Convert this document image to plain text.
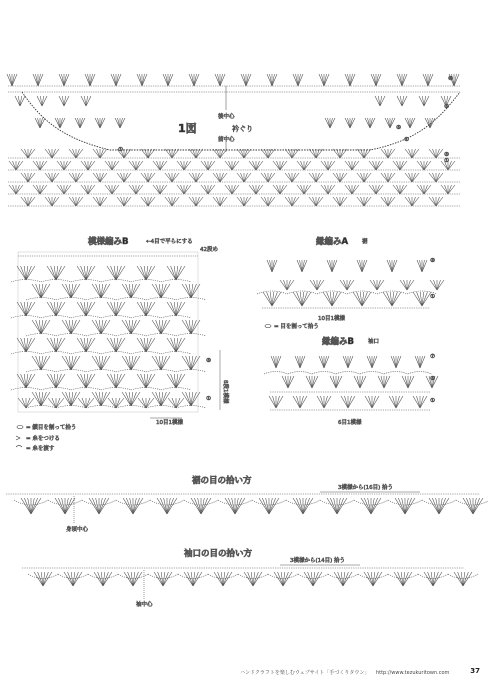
1図	衿ぐり
後中心
前中心
⑤
①
①
⑤
①
⑤
⑩
模様編みB	←4目で平らにする
42段め
8段1模様
⑤
①
10目1模様
= 鎖目を割って拾う
= 糸をつける
= 糸を渡す
縁編みA	裾
⑤
①
10目1模様
= 目を割って拾う
縁編みB	袖口
⑦
⑤
①
6目1模様
裾の目の拾い方
3模様から(16目) 拾う
身頃中心
袖口の目の拾い方
3模様から(14目) 拾う
袖中心
ハンドクラフトを楽しむウェブサイト「手づくりタウン」 http://www.tezukuritown.com	37
